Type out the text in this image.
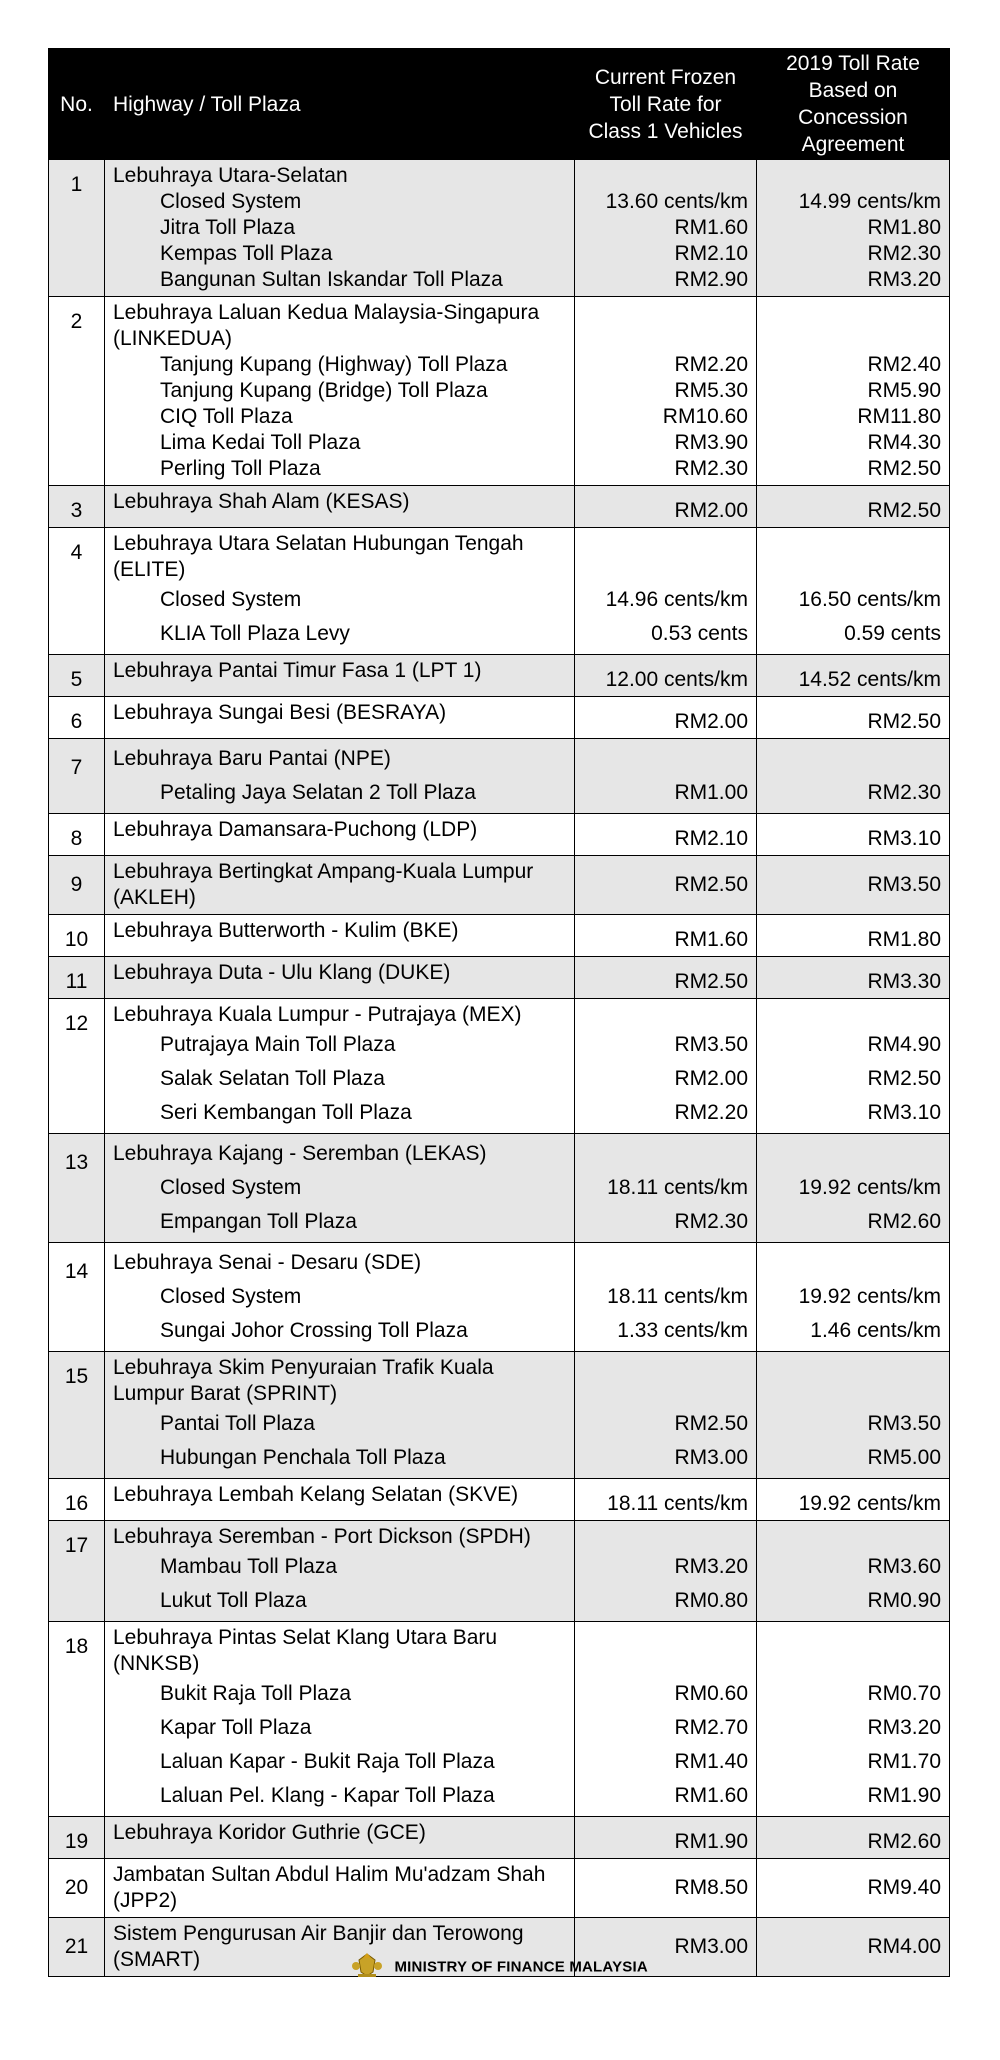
No.	Highway / Toll Plaza	Current Frozen Toll Rate for Class 1 Vehicles	2019 Toll Rate Based on Concession Agreement
1	Lebuhraya Utara-Selatan		
	Closed System	13.60 cents/km	14.99 cents/km
	Jitra Toll Plaza	RM1.60	RM1.80
	Kempas Toll Plaza	RM2.10	RM2.30
	Bangunan Sultan Iskandar Toll Plaza	RM2.90	RM3.20
2	Lebuhraya Laluan Kedua Malaysia-Singapura (LINKEDUA)		
	Tanjung Kupang (Highway) Toll Plaza	RM2.20	RM2.40
	Tanjung Kupang (Bridge) Toll Plaza	RM5.30	RM5.90
	CIQ Toll Plaza	RM10.60	RM11.80
	Lima Kedai Toll Plaza	RM3.90	RM4.30
	Perling Toll Plaza	RM2.30	RM2.50
3	Lebuhraya Shah Alam (KESAS)	RM2.00	RM2.50
4	Lebuhraya Utara Selatan Hubungan Tengah (ELITE)		
	Closed System	14.96 cents/km	16.50 cents/km
	KLIA Toll Plaza Levy	0.53 cents	0.59 cents
5	Lebuhraya Pantai Timur Fasa 1 (LPT 1)	12.00 cents/km	14.52 cents/km
6	Lebuhraya Sungai Besi (BESRAYA)	RM2.00	RM2.50
7	Lebuhraya Baru Pantai (NPE)		
	Petaling Jaya Selatan 2 Toll Plaza	RM1.00	RM2.30
8	Lebuhraya Damansara-Puchong (LDP)	RM2.10	RM3.10
9	Lebuhraya Bertingkat Ampang-Kuala Lumpur (AKLEH)	RM2.50	RM3.50
10	Lebuhraya Butterworth - Kulim (BKE)	RM1.60	RM1.80
11	Lebuhraya Duta - Ulu Klang (DUKE)	RM2.50	RM3.30
12	Lebuhraya Kuala Lumpur - Putrajaya (MEX)		
	Putrajaya Main Toll Plaza	RM3.50	RM4.90
	Salak Selatan Toll Plaza	RM2.00	RM2.50
	Seri Kembangan Toll Plaza	RM2.20	RM3.10
13	Lebuhraya Kajang - Seremban (LEKAS)		
	Closed System	18.11 cents/km	19.92 cents/km
	Empangan Toll Plaza	RM2.30	RM2.60
14	Lebuhraya Senai - Desaru (SDE)		
	Closed System	18.11 cents/km	19.92 cents/km
	Sungai Johor Crossing Toll Plaza	1.33 cents/km	1.46 cents/km
15	Lebuhraya Skim Penyuraian Trafik Kuala Lumpur Barat (SPRINT)		
	Pantai Toll Plaza	RM2.50	RM3.50
	Hubungan Penchala Toll Plaza	RM3.00	RM5.00
16	Lebuhraya Lembah Kelang Selatan (SKVE)	18.11 cents/km	19.92 cents/km
17	Lebuhraya Seremban - Port Dickson (SPDH)		
	Mambau Toll Plaza	RM3.20	RM3.60
	Lukut Toll Plaza	RM0.80	RM0.90
18	Lebuhraya Pintas Selat Klang Utara Baru (NNKSB)		
	Bukit Raja Toll Plaza	RM0.60	RM0.70
	Kapar Toll Plaza	RM2.70	RM3.20
	Laluan Kapar - Bukit Raja Toll Plaza	RM1.40	RM1.70
	Laluan Pel. Klang - Kapar Toll Plaza	RM1.60	RM1.90
19	Lebuhraya Koridor Guthrie (GCE)	RM1.90	RM2.60
20	Jambatan Sultan Abdul Halim Mu'adzam Shah (JPP2)	RM8.50	RM9.40
21	Sistem Pengurusan Air Banjir dan Terowong (SMART)	RM3.00	RM4.00
MINISTRY OF FINANCE MALAYSIA
